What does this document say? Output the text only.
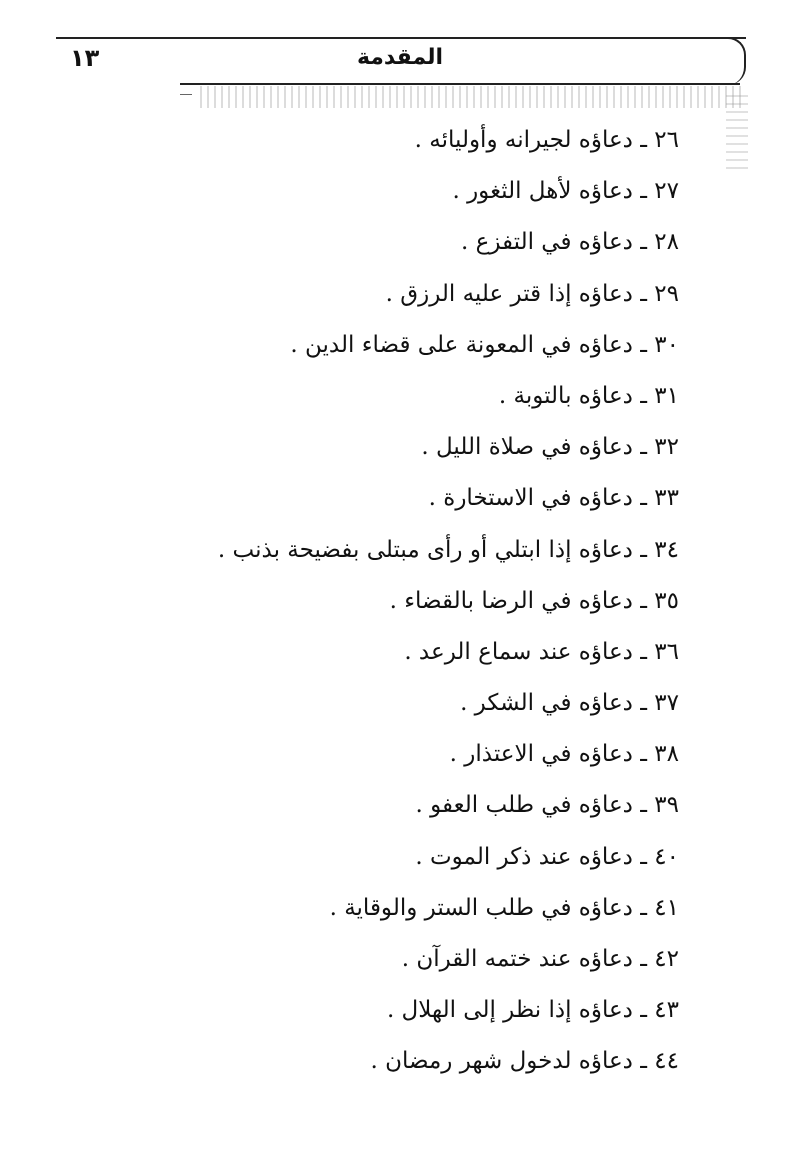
١٣	المقدمة
٢٦ ـ دعاؤه لجيرانه وأوليائه .
٢٧ ـ دعاؤه لأهل الثغور .
٢٨ ـ دعاؤه في التفزع .
٢٩ ـ دعاؤه إذا قتر عليه الرزق .
٣٠ ـ دعاؤه في المعونة على قضاء الدين .
٣١ ـ دعاؤه بالتوبة .
٣٢ ـ دعاؤه في صلاة الليل .
٣٣ ـ دعاؤه في الاستخارة .
٣٤ ـ دعاؤه إذا ابتلي أو رأى مبتلى بفضيحة بذنب .
٣٥ ـ دعاؤه في الرضا بالقضاء .
٣٦ ـ دعاؤه عند سماع الرعد .
٣٧ ـ دعاؤه في الشكر .
٣٨ ـ دعاؤه في الاعتذار .
٣٩ ـ دعاؤه في طلب العفو .
٤٠ ـ دعاؤه عند ذكر الموت .
٤١ ـ دعاؤه في طلب الستر والوقاية .
٤٢ ـ دعاؤه عند ختمه القرآن .
٤٣ ـ دعاؤه إذا نظر إلى الهلال .
٤٤ ـ دعاؤه لدخول شهر رمضان .
